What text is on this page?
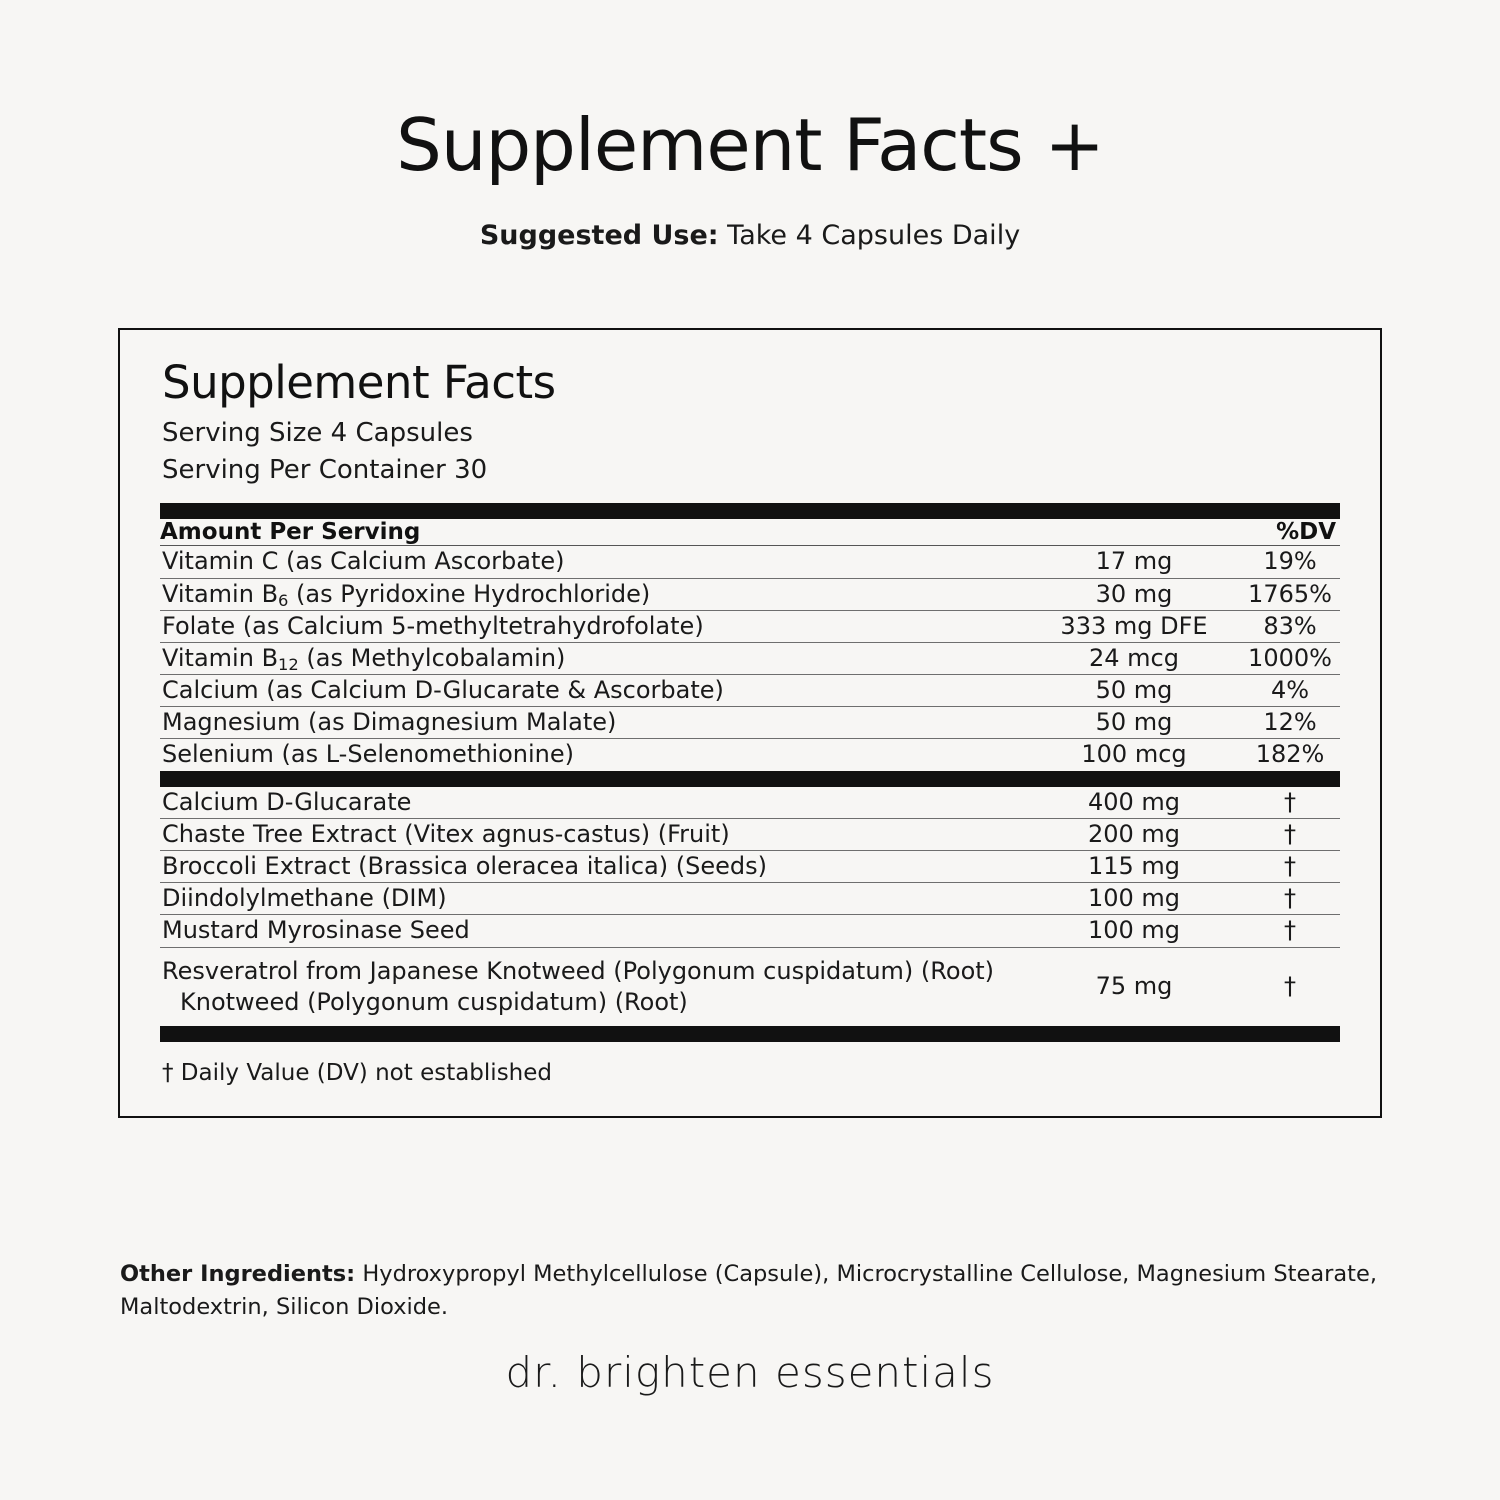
Supplement Facts +
Suggested Use: Take 4 Capsules Daily
Supplement Facts
Serving Size 4 Capsules
Serving Per Container 30
Amount Per Serving		%DV
Vitamin C (as Calcium Ascorbate)	17 mg	19%
Vitamin $B_6$ (as Pyridoxine Hydrochloride)	30 mg	1765%
Folate (as Calcium 5-methyltetrahydrofolate)	333 mg DFE	83%
Vitamin $B_{12}$ (as Methylcobalamin)	24 mcg	1000%
Calcium (as Calcium D-Glucarate & Ascorbate)	50 mg	4%
Magnesium (as Dimagnesium Malate)	50 mg	12%
Selenium (as L-Selenomethionine)	100 mcg	182%
Calcium D-Glucarate	400 mg	†
Chaste Tree Extract (Vitex agnus-castus) (Fruit)	200 mg	†
Broccoli Extract (Brassica oleracea italica) (Seeds)	115 mg	†
Diindolylmethane (DIM)	100 mg	†
Mustard Myrosinase Seed	100 mg	†
Resveratrol from Japanese Knotweed (Polygonum cuspidatum) (Root)
Knotweed (Polygonum cuspidatum) (Root)	75 mg	†
† Daily Value (DV) not established
Other Ingredients: Hydroxypropyl Methylcellulose (Capsule), Microcrystalline Cellulose, Magnesium Stearate, Maltodextrin, Silicon Dioxide.
dr. brighten essentials
